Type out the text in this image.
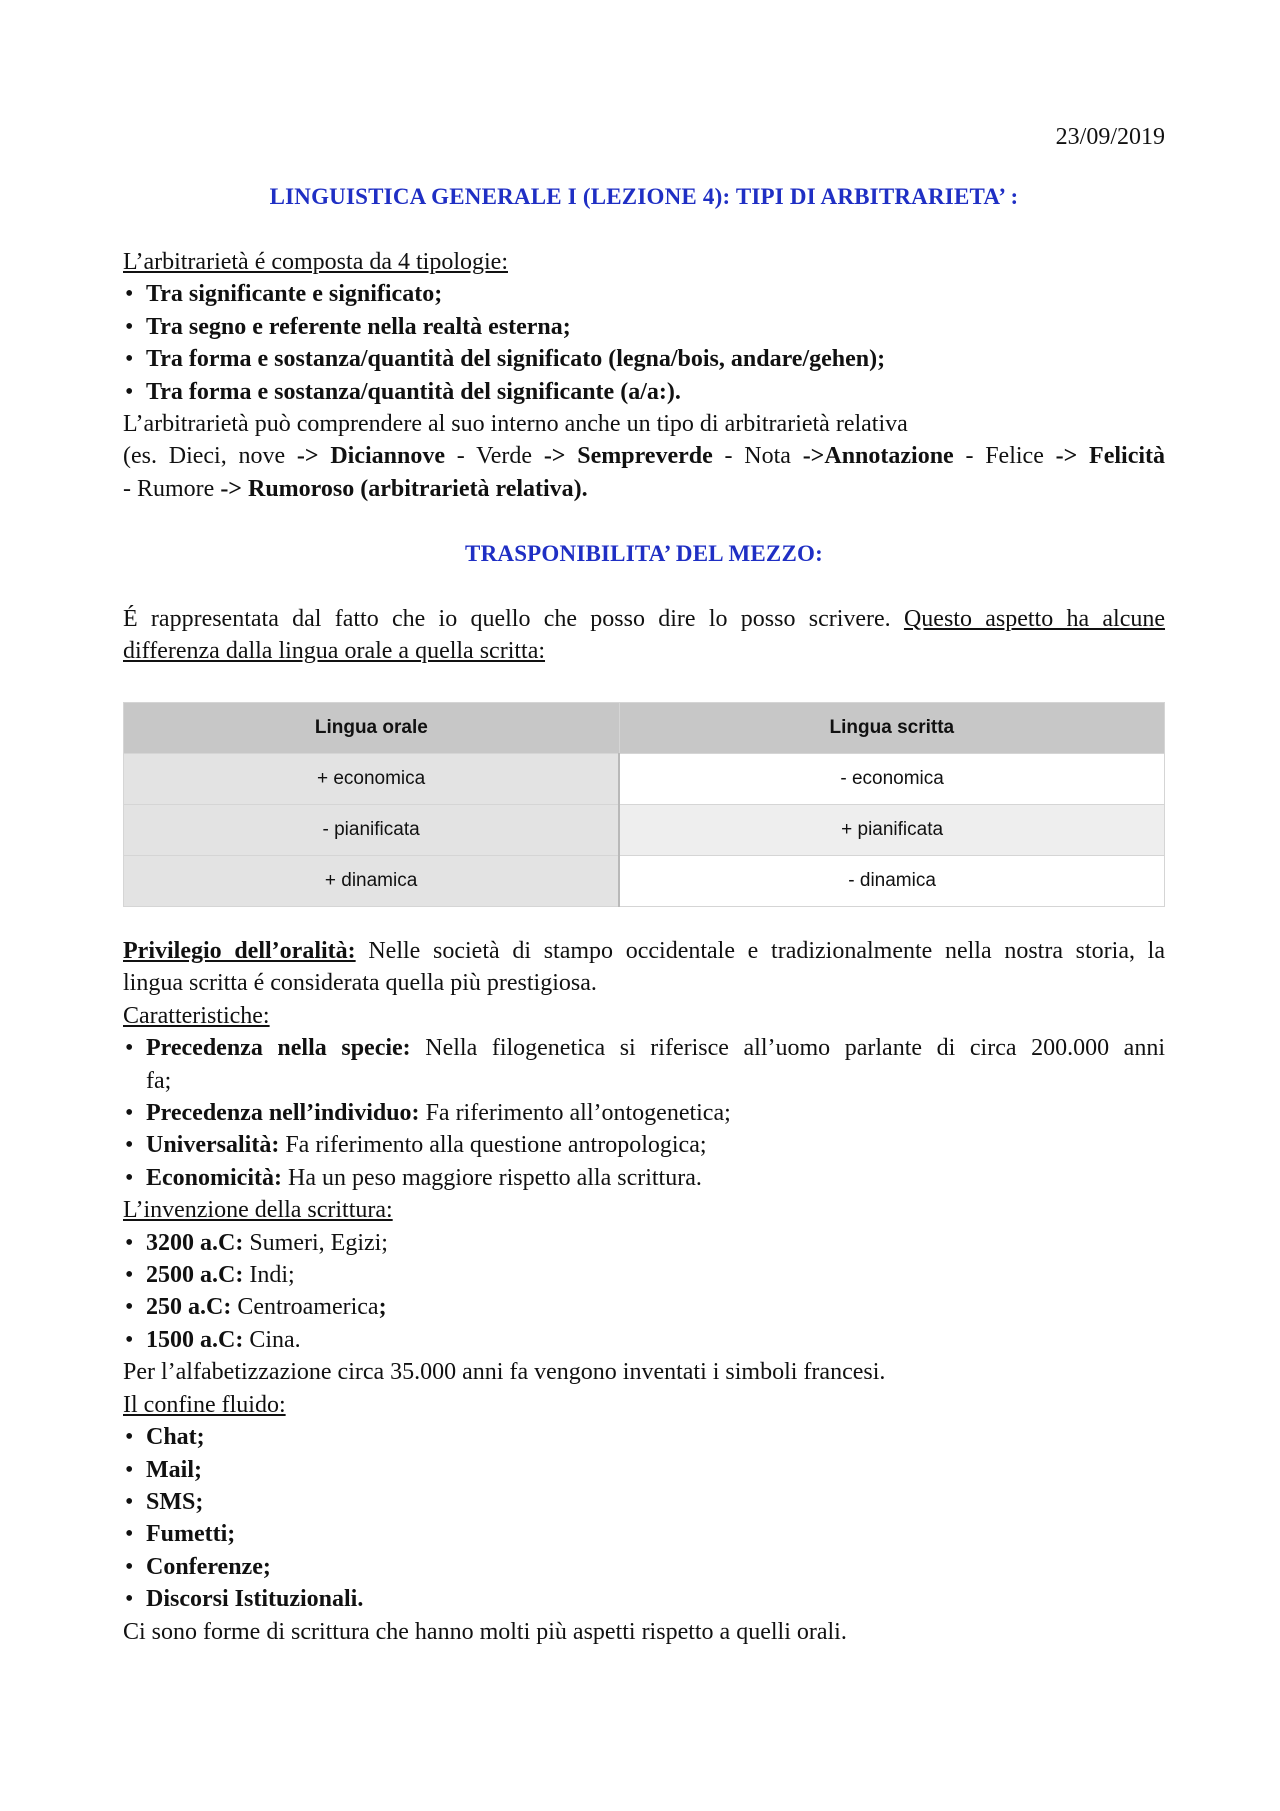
23/09/2019
LINGUISTICA GENERALE I (LEZIONE 4): TIPI DI ARBITRARIETA’ :
L’arbitrarietà é composta da 4 tipologie:
• Tra significante e significato;
• Tra segno e referente nella realtà esterna;
• Tra forma e sostanza/quantità del significato (legna/bois, andare/gehen);
• Tra forma e sostanza/quantità del significante (a/a:).
L’arbitrarietà può comprendere al suo interno anche un tipo di arbitrarietà relativa
(es. Dieci, nove -> Diciannove - Verde -> Sempreverde - Nota ->Annotazione - Felice -> Felicità
- Rumore -> Rumoroso (arbitrarietà relativa).
TRASPONIBILITA’ DEL MEZZO:
É rappresentata dal fatto che io quello che posso dire lo posso scrivere. Questo aspetto ha alcune
differenza dalla lingua orale a quella scritta:
Lingua orale	Lingua scritta
+ economica	- economica
- pianificata	+ pianificata
+ dinamica	- dinamica
Privilegio dell’oralità: Nelle società di stampo occidentale e tradizionalmente nella nostra storia, la
lingua scritta é considerata quella più prestigiosa.
Caratteristiche:
• Precedenza nella specie: Nella filogenetica si riferisce all’uomo parlante di circa 200.000 anni
fa;
• Precedenza nell’individuo: Fa riferimento all’ontogenetica;
• Universalità: Fa riferimento alla questione antropologica;
• Economicità: Ha un peso maggiore rispetto alla scrittura.
L’invenzione della scrittura:
• 3200 a.C: Sumeri, Egizi;
• 2500 a.C: Indi;
• 250 a.C: Centroamerica;
• 1500 a.C: Cina.
Per l’alfabetizzazione circa 35.000 anni fa vengono inventati i simboli francesi.
Il confine fluido:
• Chat;
• Mail;
• SMS;
• Fumetti;
• Conferenze;
• Discorsi Istituzionali.
Ci sono forme di scrittura che hanno molti più aspetti rispetto a quelli orali.
